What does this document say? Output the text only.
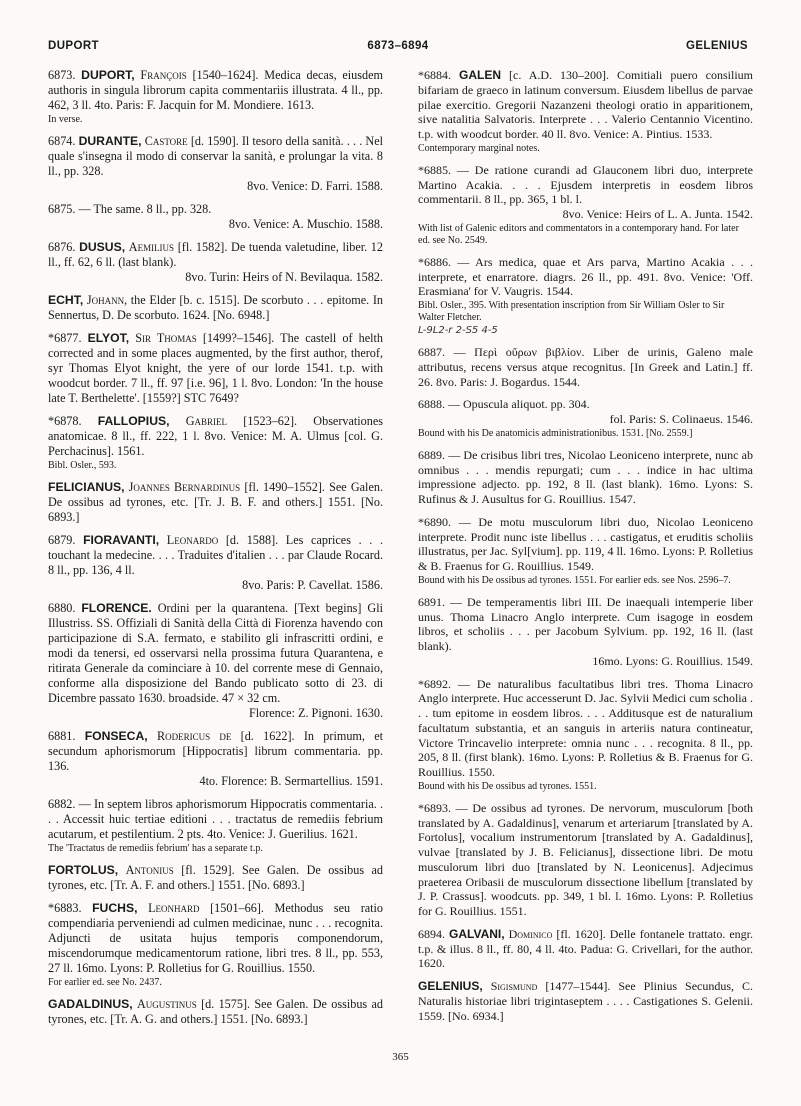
DUPORT	6873–6894	GELENIUS

6873. DUPORT, François [1540–1624]. Medica decas, eiusdem authoris in singula librorum capita commentariis illustrata. 4 ll., pp. 462, 3 ll. 4to. Paris: F. Jacquin for M. Mondiere. 1613.
In verse.

6874. DURANTE, Castore [d. 1590]. Il tesoro della sanità. . . . Nel quale s'insegna il modo di conservar la sanità, e prolungar la vita. 8 ll., pp. 328.
8vo. Venice: D. Farri. 1588.

6875. — The same. 8 ll., pp. 328.
8vo. Venice: A. Muschio. 1588.

6876. DUSUS, Aemilius [fl. 1582]. De tuenda valetudine, liber. 12 ll., ff. 62, 6 ll. (last blank).
8vo. Turin: Heirs of N. Bevilaqua. 1582.

ECHT, Johann, the Elder [b. c. 1515]. De scorbuto . . . epitome. In Sennertus, D. De scorbuto. 1624. [No. 6948.]

*6877. ELYOT, Sir Thomas [1499?–1546]. The castell of helth corrected and in some places augmented, by the first author, therof, syr Thomas Elyot knight, the yere of our lorde 1541. t.p. with woodcut border. 7 ll., ff. 97 [i.e. 96], 1 l. 8vo. London: 'In the house late T. Berthelette'. [1559?] STC 7649?

*6878. FALLOPIUS, Gabriel [1523–62]. Observationes anatomicae. 8 ll., ff. 222, 1 l. 8vo. Venice: M. A. Ulmus [col. G. Perchacinus]. 1561.
Bibl. Osler., 593.

FELICIANUS, Joannes Bernardinus [fl. 1490–1552]. See Galen. De ossibus ad tyrones, etc. [Tr. J. B. F. and others.] 1551. [No. 6893.]

6879. FIORAVANTI, Leonardo [d. 1588]. Les caprices . . . touchant la medecine. . . . Traduites d'italien . . . par Claude Rocard. 8 ll., pp. 136, 4 ll.
8vo. Paris: P. Cavellat. 1586.

6880. FLORENCE. Ordini per la quarantena. [Text begins] Gli Illustriss. SS. Offiziali di Sanità della Città di Fiorenza havendo con participazione di S.A. fermato, e stabilito gli infrascritti ordini, e modi da tenersi, ed osservarsi nella prossima futura Quarantena, e ritirata Generale da cominciare à 10. del corrente mese di Gennaio, conforme alla disposizione del Bando publicato sotto di 23. di Dicembre passato 1630. broadside. 47 × 32 cm.
Florence: Z. Pignoni. 1630.

6881. FONSECA, Rodericus de [d. 1622]. In primum, et secundum aphorismorum [Hippocratis] librum commentaria. pp. 136.
4to. Florence: B. Sermartellius. 1591.

6882. — In septem libros aphorismorum Hippocratis commentaria. . . . Accessit huic tertiae editioni . . . tractatus de remediis febrium acutarum, et pestilentium. 2 pts. 4to. Venice: J. Guerilius. 1621.
The 'Tractatus de remediis febrium' has a separate t.p.

FORTOLUS, Antonius [fl. 1529]. See Galen. De ossibus ad tyrones, etc. [Tr. A. F. and others.] 1551. [No. 6893.]

*6883. FUCHS, Leonhard [1501–66]. Methodus seu ratio compendiaria perveniendi ad culmen medicinae, nunc . . . recognita. Adjuncti de usitata hujus temporis componendorum, miscendorumque medicamentorum ratione, libri tres. 8 ll., pp. 553, 27 ll. 16mo. Lyons: P. Rolletius for G. Rouillius. 1550.
For earlier ed. see No. 2437.

GADALDINUS, Augustinus [d. 1575]. See Galen. De ossibus ad tyrones, etc. [Tr. A. G. and others.] 1551. [No. 6893.]

*6884. GALEN [c. A.D. 130–200]. Comitiali puero consilium bifariam de graeco in latinum conversum. Eiusdem libellus de parvae pilae exercitio. Gregorii Nazanzeni theologi oratio in apparitionem, sive natalitia Salvatoris. Interprete . . . Valerio Centannio Vicentino. t.p. with woodcut border. 40 ll. 8vo. Venice: A. Pintius. 1533.
Contemporary marginal notes.

*6885. — De ratione curandi ad Glauconem libri duo, interprete Martino Acakia. . . . Ejusdem interpretis in eosdem libros commentarii. 8 ll., pp. 365, 1 bl. l.
8vo. Venice: Heirs of L. A. Junta. 1542.
With list of Galenic editors and commentators in a contemporary hand. For later ed. see No. 2549.

*6886. — Ars medica, quae et Ars parva, Martino Acakia . . . interprete, et enarratore. diagrs. 26 ll., pp. 491. 8vo. Venice: 'Off. Erasmiana' for V. Vaugris. 1544.
Bibl. Osler., 395. With presentation inscription from Sir William Osler to Sir Walter Fletcher.
L-9L2-r 2-S5 4-5

6887. — Περὶ οὔρων βιβλίον. Liber de urinis, Galeno male attributus, recens versus atque recognitus. [In Greek and Latin.] ff. 26. 8vo. Paris: J. Bogardus. 1544.

6888. — Opuscula aliquot. pp. 304.
fol. Paris: S. Colinaeus. 1546.
Bound with his De anatomicis administrationibus. 1531. [No. 2559.]

6889. — De crisibus libri tres, Nicolao Leoniceno interprete, nunc ab omnibus . . . mendis repurgati; cum . . . indice in hac ultima impressione adjecto. pp. 192, 8 ll. (last blank). 16mo. Lyons: S. Rufinus & J. Ausultus for G. Rouillius. 1547.

*6890. — De motu musculorum libri duo, Nicolao Leoniceno interprete. Prodit nunc iste libellus . . . castigatus, et eruditis scholiis illustratus, per Jac. Syl[vium]. pp. 119, 4 ll. 16mo. Lyons: P. Rolletius & B. Fraenus for G. Rouillius. 1549.
Bound with his De ossibus ad tyrones. 1551. For earlier eds. see Nos. 2596–7.

6891. — De temperamentis libri III. De inaequali intemperie liber unus. Thoma Linacro Anglo interprete. Cum isagoge in eosdem libros, et scholiis . . . per Jacobum Sylvium. pp. 192, 16 ll. (last blank).
16mo. Lyons: G. Rouillius. 1549.

*6892. — De naturalibus facultatibus libri tres. Thoma Linacro Anglo interprete. Huc accesserunt D. Jac. Sylvii Medici cum scholia . . . tum epitome in eosdem libros. . . . Additusque est de naturalium facultatum substantia, et an sanguis in arteriis natura contineatur, Victore Trincavelio interprete: omnia nunc . . . recognita. 8 ll., pp. 205, 8 ll. (first blank). 16mo. Lyons: P. Rolletius & B. Fraenus for G. Rouillius. 1550.
Bound with his De ossibus ad tyrones. 1551.

*6893. — De ossibus ad tyrones. De nervorum, musculorum [both translated by A. Gadaldinus], venarum et arteriarum [translated by A. Fortolus], vocalium instrumentorum [translated by A. Gadaldinus], vulvae [translated by J. B. Felicianus], dissectione libri. De motu musculorum libri duo [translated by N. Leonicenus]. Adjecimus praeterea Oribasii de musculorum dissectione libellum [translated by J. P. Crassus]. woodcuts. pp. 349, 1 bl. l. 16mo. Lyons: P. Rolletius for G. Rouillius. 1551.

6894. GALVANI, Dominico [fl. 1620]. Delle fontanele trattato. engr. t.p. & illus. 8 ll., ff. 80, 4 ll. 4to. Padua: G. Crivellari, for the author. 1620.

GELENIUS, Sigismund [1477–1544]. See Plinius Secundus, C. Naturalis historiae libri trigintaseptem . . . . Castigationes S. Gelenii. 1559. [No. 6934.]

365
